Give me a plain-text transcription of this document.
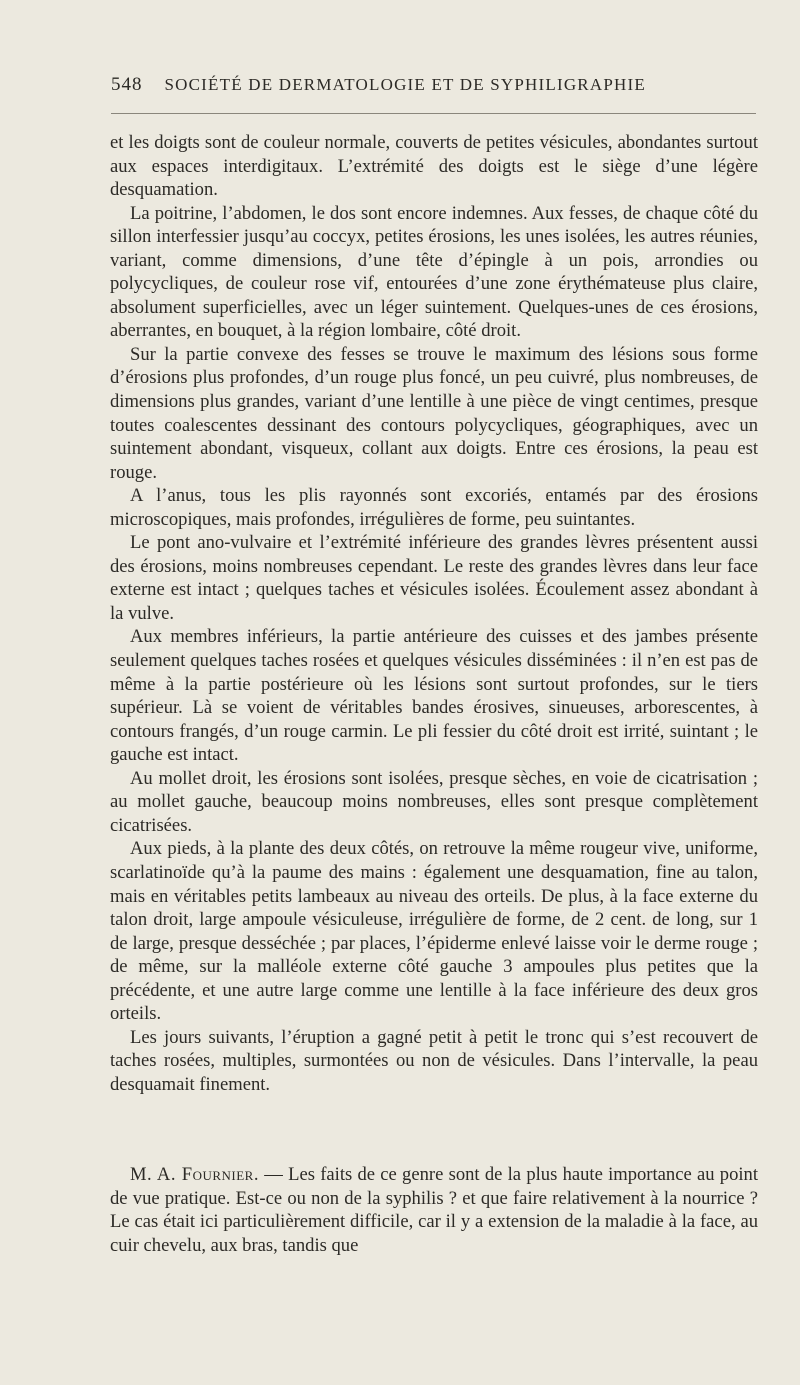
548 SOCIÉTÉ DE DERMATOLOGIE ET DE SYPHILIGRAPHIE

et les doigts sont de couleur normale, couverts de petites vésicules, abondantes surtout aux espaces interdigitaux. L’extrémité des doigts est le siège d’une légère desquamation.

La poitrine, l’abdomen, le dos sont encore indemnes. Aux fesses, de chaque côté du sillon interfessier jusqu’au coccyx, petites érosions, les unes isolées, les autres réunies, variant, comme dimensions, d’une tête d’épingle à un pois, arrondies ou polycycliques, de couleur rose vif, entourées d’une zone érythémateuse plus claire, absolument superficielles, avec un léger suintement. Quelques-unes de ces érosions, aberrantes, en bouquet, à la région lombaire, côté droit.

Sur la partie convexe des fesses se trouve le maximum des lésions sous forme d’érosions plus profondes, d’un rouge plus foncé, un peu cuivré, plus nombreuses, de dimensions plus grandes, variant d’une lentille à une pièce de vingt centimes, presque toutes coalescentes dessinant des contours polycycliques, géographiques, avec un suintement abondant, visqueux, collant aux doigts. Entre ces érosions, la peau est rouge.

A l’anus, tous les plis rayonnés sont excoriés, entamés par des érosions microscopiques, mais profondes, irrégulières de forme, peu suintantes.

Le pont ano-vulvaire et l’extrémité inférieure des grandes lèvres présentent aussi des érosions, moins nombreuses cependant. Le reste des grandes lèvres dans leur face externe est intact ; quelques taches et vésicules isolées. Écoulement assez abondant à la vulve.

Aux membres inférieurs, la partie antérieure des cuisses et des jambes présente seulement quelques taches rosées et quelques vésicules disséminées : il n’en est pas de même à la partie postérieure où les lésions sont surtout profondes, sur le tiers supérieur. Là se voient de véritables bandes érosives, sinueuses, arborescentes, à contours frangés, d’un rouge carmin. Le pli fessier du côté droit est irrité, suintant ; le gauche est intact.

Au mollet droit, les érosions sont isolées, presque sèches, en voie de cicatrisation ; au mollet gauche, beaucoup moins nombreuses, elles sont presque complètement cicatrisées.

Aux pieds, à la plante des deux côtés, on retrouve la même rougeur vive, uniforme, scarlatinoïde qu’à la paume des mains : également une desquamation, fine au talon, mais en véritables petits lambeaux au niveau des orteils. De plus, à la face externe du talon droit, large ampoule vésiculeuse, irrégulière de forme, de 2 cent. de long, sur 1 de large, presque desséchée ; par places, l’épiderme enlevé laisse voir le derme rouge ; de même, sur la malléole externe côté gauche 3 ampoules plus petites que la précédente, et une autre large comme une lentille à la face inférieure des deux gros orteils.

Les jours suivants, l’éruption a gagné petit à petit le tronc qui s’est recouvert de taches rosées, multiples, surmontées ou non de vésicules. Dans l’intervalle, la peau desquamait finement.

M. A. Fournier. — Les faits de ce genre sont de la plus haute importance au point de vue pratique. Est-ce ou non de la syphilis ? et que faire relativement à la nourrice ? Le cas était ici particulièrement difficile, car il y a extension de la maladie à la face, au cuir chevelu, aux bras, tandis que
